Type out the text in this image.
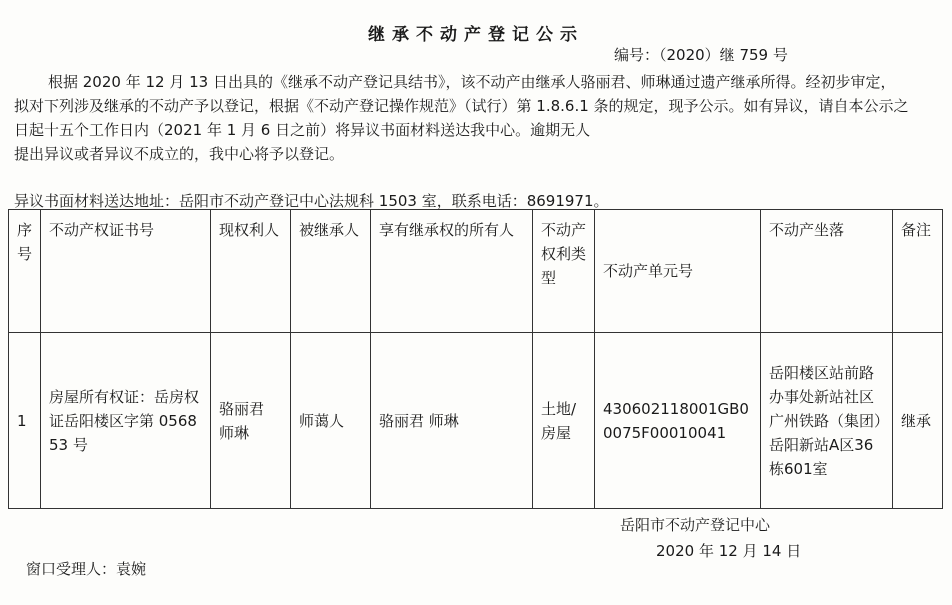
继承不动产登记公示
编号：（2020）继 759 号

根据 2020 年 12 月 13 日出具的《继承不动产登记具结书》，该不动产由继承人骆丽君、师琳通过遗产继承所得。经初步审定， 拟对下列涉及继承的不动产予以登记，根据《不动产登记操作规范》（试行）第 1.8.6.1 条的规定，现予公示。如有异议，请自本公示之日起十五个工作日内（2021 年 1 月 6 日之前）将异议书面材料送达我中心。逾期无人

提出异议或者异议不成立的，我中心将予以登记。

异议书面材料送达地址：岳阳市不动产登记中心法规科 1503 室，联系电话：8691971。
序号	不动产权证书号	现权利人	被继承人	享有继承权的所有人	不动产权利类型	不动产单元号	不动产坐落	备注
1	房屋所有权证：岳房权证岳阳楼区字第 056853 号	骆丽君 师琳	师蔼人	骆丽君 师琳	土地/房屋	430602118001GB00075F00010041	岳阳楼区站前路办事处新站社区广州铁路（集团）岳阳新站A区36栋601室	继承
岳阳市不动产登记中心
2020 年 12 月 14 日
窗口受理人：袁婉
